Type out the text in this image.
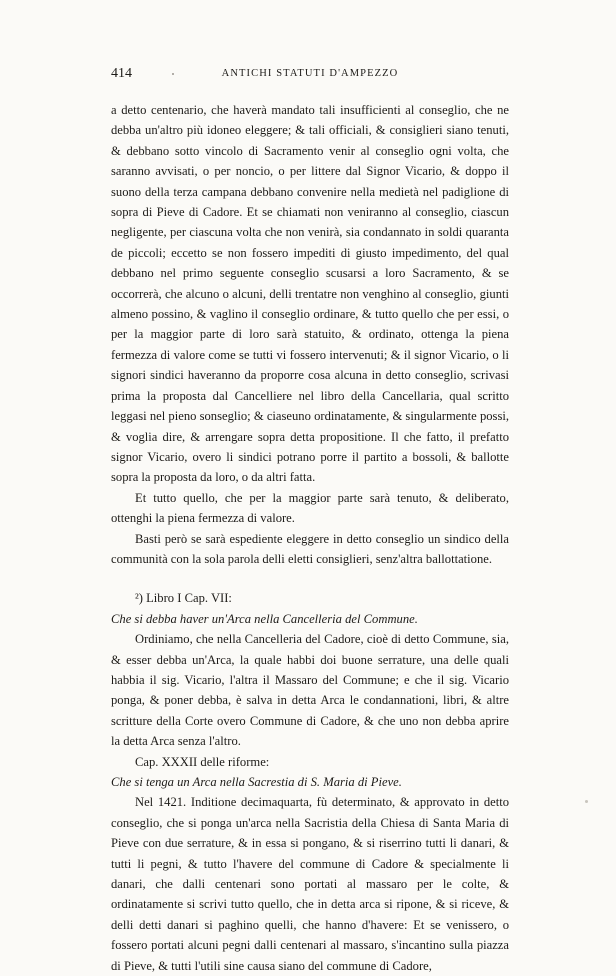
414	ANTICHI STATUTI D'AMPEZZO

a detto centenario, che haverà mandato tali insufficienti al conseglio, che ne debba un'altro più idoneo eleggere; & tali officiali, & consiglieri siano tenuti, & debbano sotto vincolo di Sacramento venir al conseglio ogni volta, che saranno avvisati, o per noncio, o per littere dal Signor Vicario, & doppo il suono della terza campana debbano convenire nella medietà nel padiglione di sopra di Pieve di Cadore. Et se chiamati non veniranno al conseglio, ciascun negligente, per ciascuna volta che non venirà, sia condannato in soldi quaranta de piccoli; eccetto se non fossero impediti di giusto impedimento, del qual debbano nel primo seguente conseglio scusarsi a loro Sacramento, & se occorrerà, che alcuno o alcuni, delli trentatre non venghino al conseglio, giunti almeno possino, & vaglino il conseglio ordinare, & tutto quello che per essi, o per la maggior parte di loro sarà statuito, & ordinato, ottenga la piena fermezza di valore come se tutti vi fossero intervenuti; & il signor Vicario, o li signori sindici haveranno da proporre cosa alcuna in detto conseglio, scrivasi prima la proposta dal Cancelliere nel libro della Cancellaria, qual scritto leggasi nel pieno sonseglio; & ciaseuno ordinatamente, & singularmente possi, & voglia dire, & arrengare sopra detta propositione. Il che fatto, il prefatto signor Vicario, overo li sindici potrano porre il partito a bossoli, & ballotte sopra la proposta da loro, o da altri fatta.

Et tutto quello, che per la maggior parte sarà tenuto, & deliberato, ottenghi la piena fermezza di valore.

Basti però se sarà espediente eleggere in detto conseglio un sindico della communità con la sola parola delli eletti consiglieri, senz'altra ballottatione.

²) Libro I Cap. VII:

Che si debba haver un'Arca nella Cancelleria del Commune.

Ordiniamo, che nella Cancelleria del Cadore, cioè di detto Commune, sia, & esser debba un'Arca, la quale habbi doi buone serrature, una delle quali habbia il sig. Vicario, l'altra il Massaro del Commune; e che il sig. Vicario ponga, & poner debba, è salva in detta Arca le condannationi, libri, & altre scritture della Corte overo Commune di Cadore, & che uno non debba aprire la detta Arca senza l'altro.

Cap. XXXII delle riforme:

Che si tenga un Arca nella Sacrestia di S. Maria di Pieve.

Nel 1421. Inditione decimaquarta, fù determinato, & approvato in detto conseglio, che si ponga un'arca nella Sacristia della Chiesa di Santa Maria di Pieve con due serrature, & in essa si pongano, & si riserrino tutti li danari, & tutti li pegni, & tutto l'havere del commune di Cadore & specialmente li danari, che dalli centenari sono portati al massaro per le colte, & ordinatamente si scrivi tutto quello, che in detta arca si ripone, & si riceve, & delli detti danari si paghino quelli, che hanno d'havere: Et se venissero, o fossero portati alcuni pegni dalli centenari al massaro, s'incantino sulla piazza di Pieve, & tutti l'utili sine causa siano del commune di Cadore,
